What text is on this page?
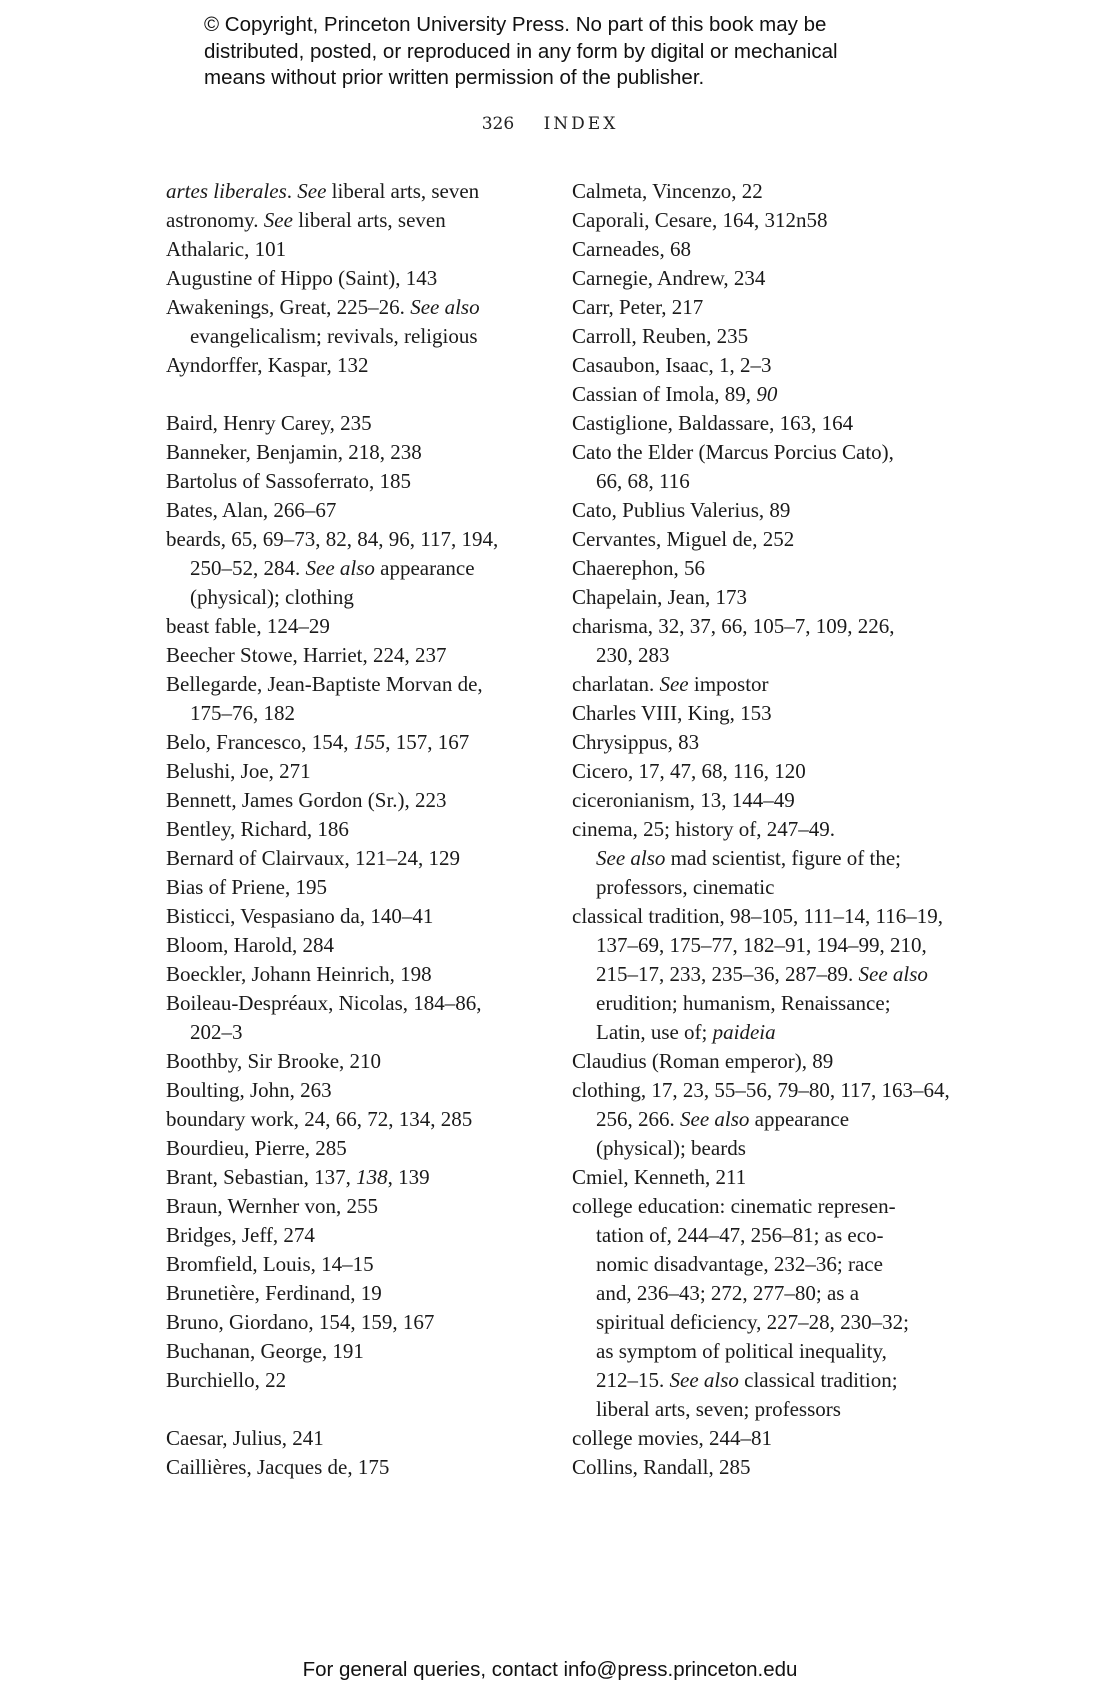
© Copyright, Princeton University Press. No part of this book may be
distributed, posted, or reproduced in any form by digital or mechanical
means without prior written permission of the publisher.
326 INDEX
artes liberales. See liberal arts, seven
astronomy. See liberal arts, seven
Athalaric, 101
Augustine of Hippo (Saint), 143
Awakenings, Great, 225–26. See also
evangelicalism; revivals, religious
Ayndorffer, Kaspar, 132
Baird, Henry Carey, 235
Banneker, Benjamin, 218, 238
Bartolus of Sassoferrato, 185
Bates, Alan, 266–67
beards, 65, 69–73, 82, 84, 96, 117, 194,
250–52, 284. See also appearance
(physical); clothing
beast fable, 124–29
Beecher Stowe, Harriet, 224, 237
Bellegarde, Jean-Baptiste Morvan de,
175–76, 182
Belo, Francesco, 154, 155, 157, 167
Belushi, Joe, 271
Bennett, James Gordon (Sr.), 223
Bentley, Richard, 186
Bernard of Clairvaux, 121–24, 129
Bias of Priene, 195
Bisticci, Vespasiano da, 140–41
Bloom, Harold, 284
Boeckler, Johann Heinrich, 198
Boileau-Despréaux, Nicolas, 184–86,
202–3
Boothby, Sir Brooke, 210
Boulting, John, 263
boundary work, 24, 66, 72, 134, 285
Bourdieu, Pierre, 285
Brant, Sebastian, 137, 138, 139
Braun, Wernher von, 255
Bridges, Jeff, 274
Bromfield, Louis, 14–15
Brunetière, Ferdinand, 19
Bruno, Giordano, 154, 159, 167
Buchanan, George, 191
Burchiello, 22
Caesar, Julius, 241
Caillières, Jacques de, 175
Calmeta, Vincenzo, 22
Caporali, Cesare, 164, 312n58
Carneades, 68
Carnegie, Andrew, 234
Carr, Peter, 217
Carroll, Reuben, 235
Casaubon, Isaac, 1, 2–3
Cassian of Imola, 89, 90
Castiglione, Baldassare, 163, 164
Cato the Elder (Marcus Porcius Cato),
66, 68, 116
Cato, Publius Valerius, 89
Cervantes, Miguel de, 252
Chaerephon, 56
Chapelain, Jean, 173
charisma, 32, 37, 66, 105–7, 109, 226,
230, 283
charlatan. See impostor
Charles VIII, King, 153
Chrysippus, 83
Cicero, 17, 47, 68, 116, 120
ciceronianism, 13, 144–49
cinema, 25; history of, 247–49.
See also mad scientist, figure of the;
professors, cinematic
classical tradition, 98–105, 111–14, 116–19,
137–69, 175–77, 182–91, 194–99, 210,
215–17, 233, 235–36, 287–89. See also
erudition; humanism, Renaissance;
Latin, use of; paideia
Claudius (Roman emperor), 89
clothing, 17, 23, 55–56, 79–80, 117, 163–64,
256, 266. See also appearance
(physical); beards
Cmiel, Kenneth, 211
college education: cinematic represen-
tation of, 244–47, 256–81; as eco-
nomic disadvantage, 232–36; race
and, 236–43; 272, 277–80; as a
spiritual deficiency, 227–28, 230–32;
as symptom of political inequality,
212–15. See also classical tradition;
liberal arts, seven; professors
college movies, 244–81
Collins, Randall, 285
For general queries, contact info@press.princeton.edu
